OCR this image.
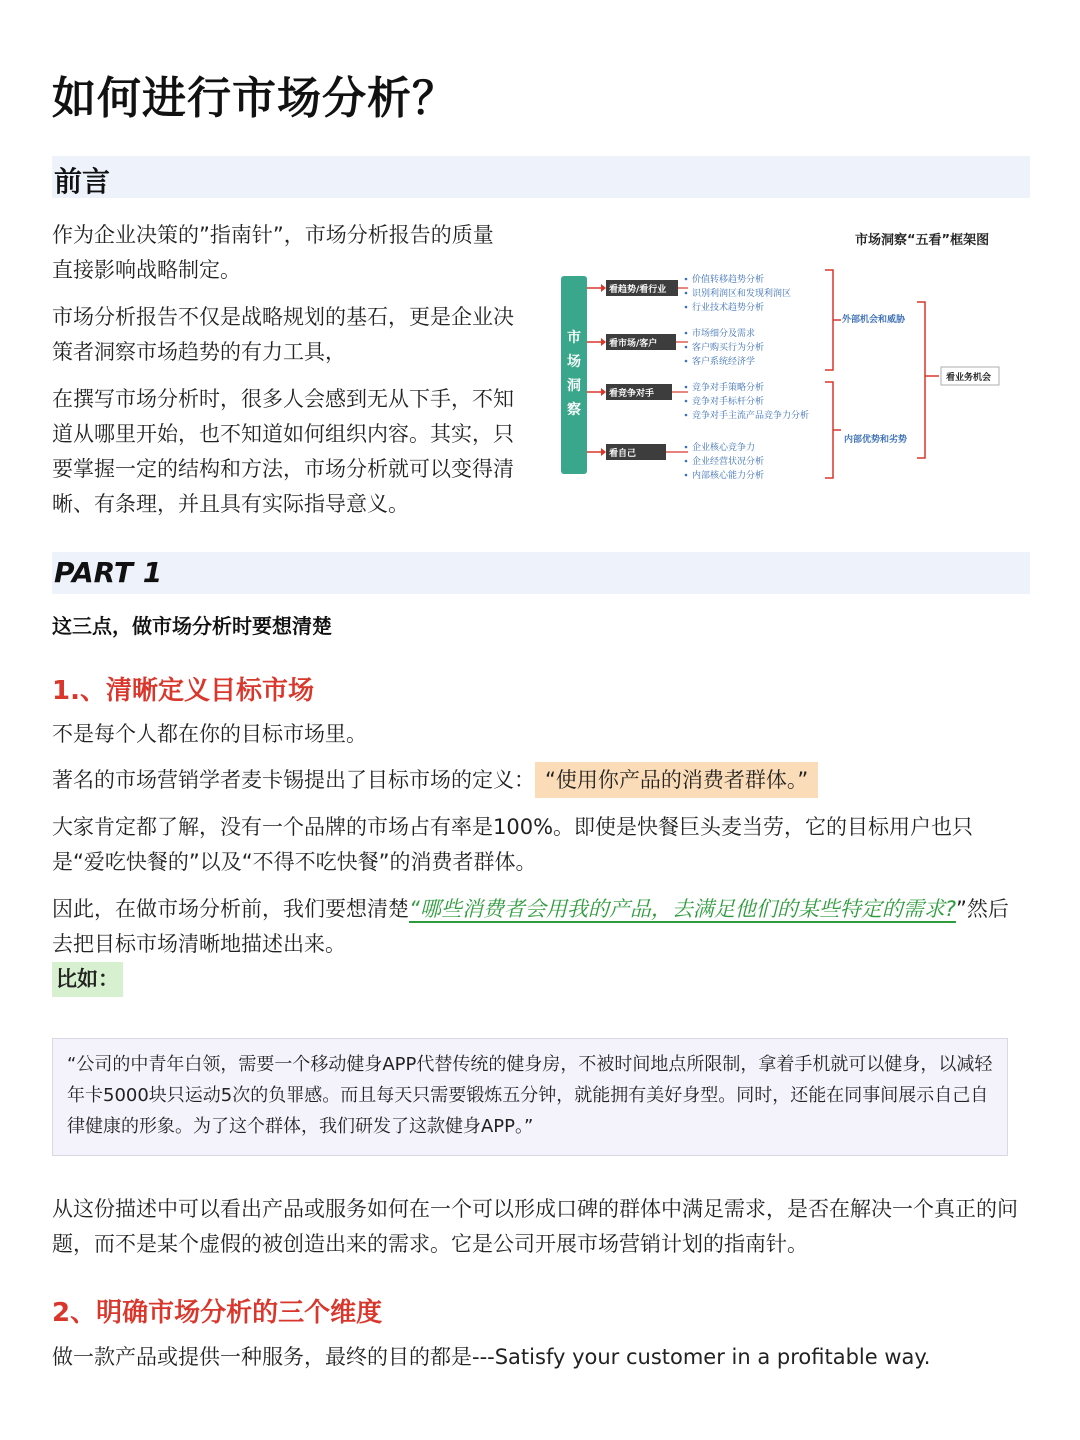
如何进行市场分析？
前言

作为企业决策的”指南针”，市场分析报告的质量直接影响战略制定。

市场分析报告不仅是战略规划的基石，更是企业决策者洞察市场趋势的有力工具，

在撰写市场分析时，很多人会感到无从下手，不知道从哪里开始，也不知道如何组织内容。其实，只要掌握一定的结构和方法，市场分析就可以变得清晰、有条理，并且具有实际指导意义。

市场洞察“五看”框架图
市
场
洞
察
看趋势/看行业
看市场/客户
看竞争对手
看自己
价值转移趋势分析
识别利润区和发现利润区
行业技术趋势分析
市场细分及需求
客户购买行为分析
客户系统经济学
竞争对手策略分析
竞争对手标杆分析
竞争对手主流产品竞争力分析
企业核心竞争力
企业经营状况分析
内部核心能力分析
外部机会和威胁
内部优势和劣势
看业务机会
PART 1

这三点，做市场分析时要想清楚

1.、清晰定义目标市场

不是每个人都在你的目标市场里。

著名的市场营销学者麦卡锡提出了目标市场的定义： “使用你产品的消费者群体。”

大家肯定都了解，没有一个品牌的市场占有率是100%。即使是快餐巨头麦当劳，它的目标用户也只是“爱吃快餐的”以及“不得不吃快餐”的消费者群体。

因此，在做市场分析前，我们要想清楚“哪些消费者会用我的产品，去满足他们的某些特定的需求?”然后去把目标市场清晰地描述出来。

比如：

“公司的中青年白领，需要一个移动健身APP代替传统的健身房，不被时间地点所限制，拿着手机就可以健身，以减轻年卡5000块只运动5次的负罪感。而且每天只需要锻炼五分钟，就能拥有美好身型。同时，还能在同事间展示自己自律健康的形象。为了这个群体，我们研发了这款健身APP。”

从这份描述中可以看出产品或服务如何在一个可以形成口碑的群体中满足需求，是否在解决一个真正的问题，而不是某个虚假的被创造出来的需求。它是公司开展市场营销计划的指南针。

2、明确市场分析的三个维度

做一款产品或提供一种服务，最终的目的都是---Satisfy your customer in a profitable way.
